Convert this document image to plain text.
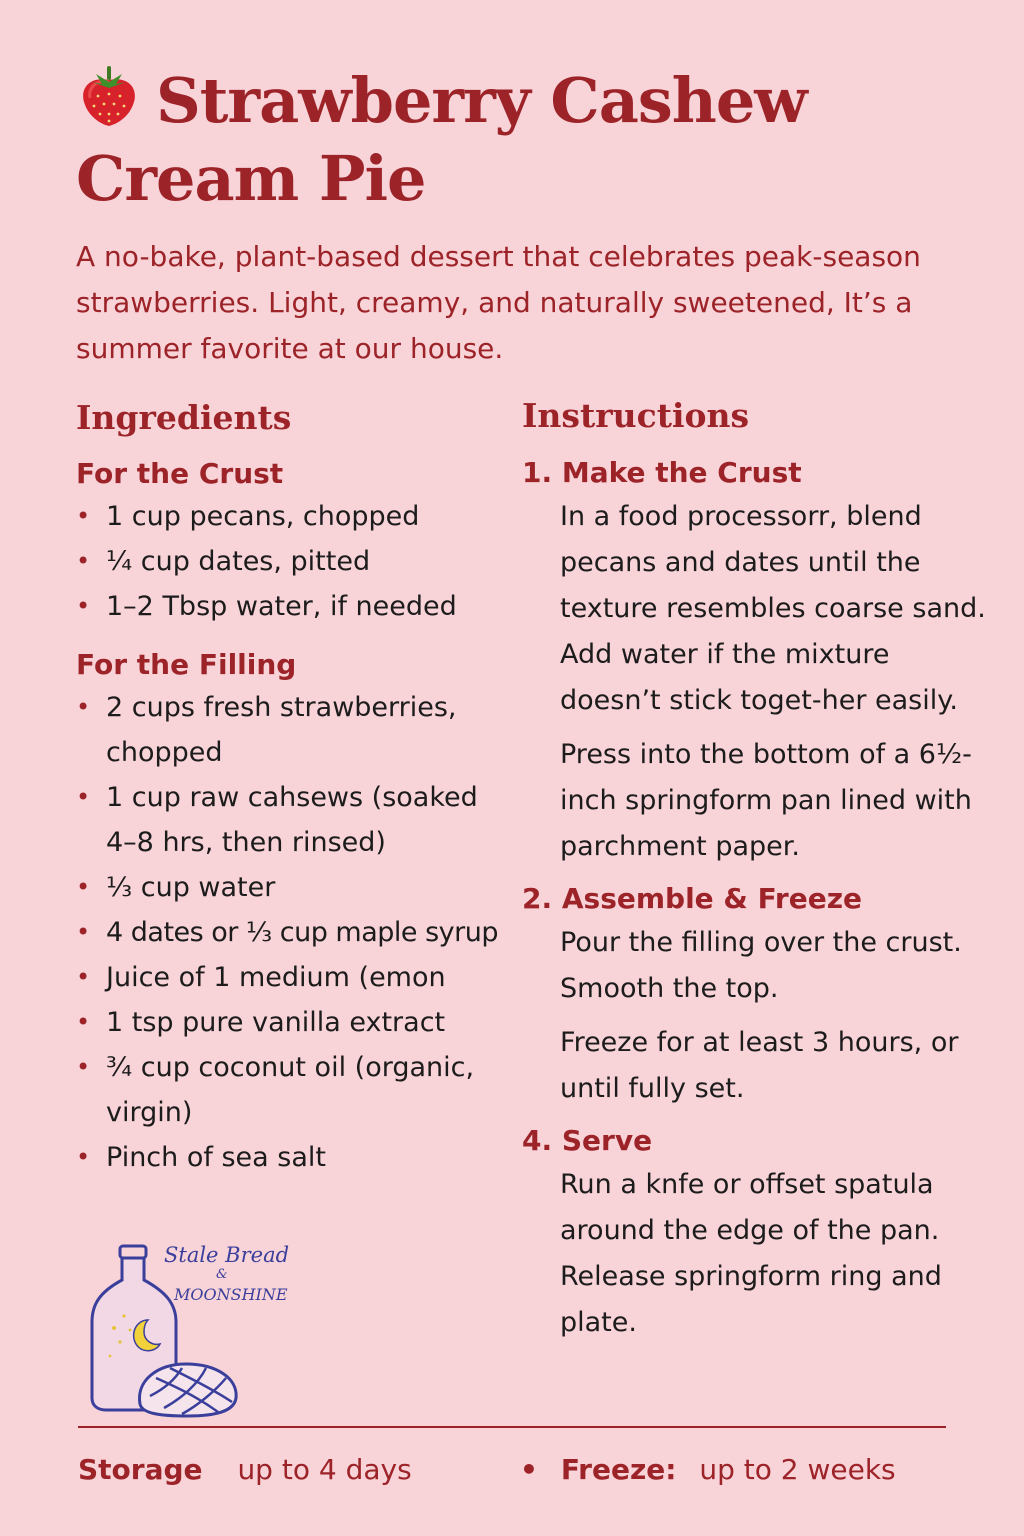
Strawberry Cashew
Cream Pie

A no-bake, plant-based dessert that celebrates peak-season strawberries. Light, creamy, and naturally sweetened, It’s a summer favorite at our house.

Ingredients
For the Crust
• 1 cup pecans, chopped
• ¼ cup dates, pitted
• 1–2 Tbsp water, if needed
For the Filling
• 2 cups fresh strawberries, chopped
• 1 cup raw cahsews (soaked 4–8 hrs, then rinsed)
• ⅓ cup water
• 4 dates or ⅓ cup maple syrup
• Juice of 1 medium (emon
• 1 tsp pure vanilla extract
• ¾ cup coconut oil (organic, virgin)
• Pinch of sea salt
Instructions
1. Make the Crust

In a food processorr, blend pecans and dates until the texture resembles coarse sand. Add water if the mixture doesn’t stick toget-her easily.

Press into the bottom of a 6½-inch springform pan lined with parchment paper.

2. Assemble & Freeze

Pour the filling over the crust. Smooth the top.

Freeze for at least 3 hours, or until fully set.

4. Serve

Run a knfe or offset spatula around the edge of the pan. Release springform ring and plate.

Stale Bread
&
MOONSHINE
Storage up to 4 days	• Freeze: up to 2 weeks
